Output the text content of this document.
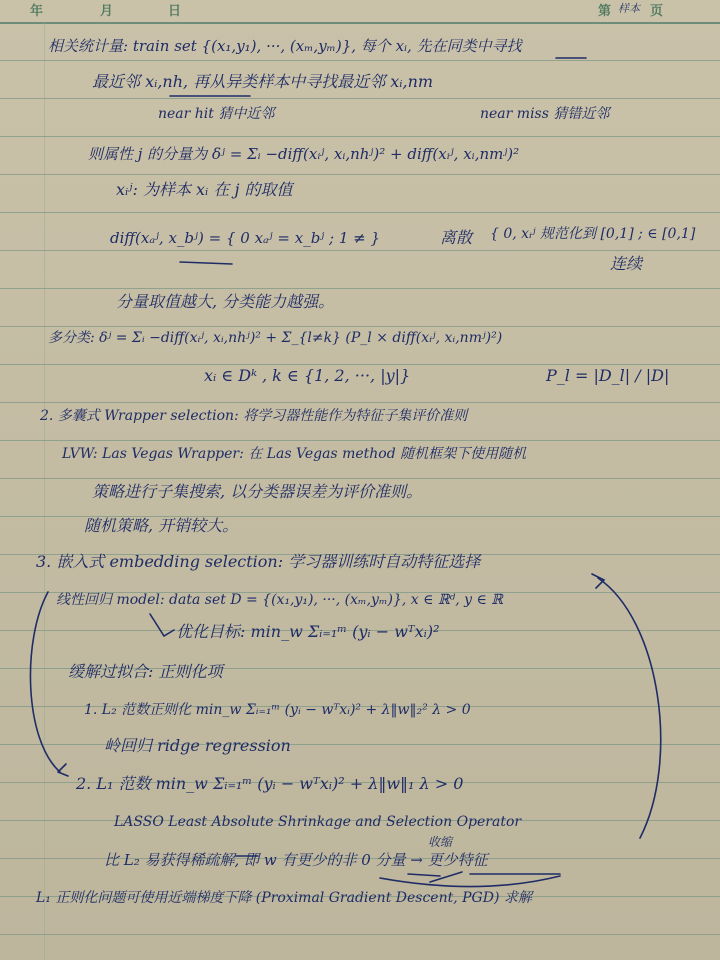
年	月	日	第	页
样本
相关统计量: train set {(x₁,y₁), ···, (xₘ,yₘ)}, 每个 xᵢ, 先在同类中寻找
最近邻 xᵢ,nh, 再从异类样本中寻找最近邻 xᵢ,nm
near hit 猜中近邻	near miss 猜错近邻
则属性 j 的分量为 δʲ = Σᵢ −diff(xᵢʲ, xᵢ,nhʲ)² + diff(xᵢʲ, xᵢ,nmʲ)²
xᵢʲ: 为样本 xᵢ 在 j 的取值
diff(xₐʲ, x_bʲ) = { 0 xₐʲ = x_bʲ ; 1 ≠ }	离散 { 0, xᵢʲ 规范化到 [0,1] ; ∈ [0,1]
连续
分量取值越大, 分类能力越强。
多分类: δʲ = Σᵢ −diff(xᵢʲ, xᵢ,nhʲ)² + Σ_{l≠k} (P_l × diff(xᵢʲ, xᵢ,nmʲ)²)
xᵢ ∈ Dᵏ , k ∈ {1, 2, ···, |y|}	P_l = |D_l| / |D|
2. 多囊式 Wrapper selection: 将学习器性能作为特征子集评价准则
LVW: Las Vegas Wrapper: 在 Las Vegas method 随机框架下使用随机
策略进行子集搜索, 以分类器误差为评价准则。
随机策略, 开销较大。
3. 嵌入式 embedding selection: 学习器训练时自动特征选择
线性回归 model: data set D = {(x₁,y₁), ···, (xₘ,yₘ)}, x ∈ ℝᵈ, y ∈ ℝ
优化目标: min_w Σᵢ₌₁ᵐ (yᵢ − wᵀxᵢ)²
缓解过拟合: 正则化项
1. L₂ 范数正则化 min_w Σᵢ₌₁ᵐ (yᵢ − wᵀxᵢ)² + λ‖w‖₂² λ > 0
岭回归 ridge regression
2. L₁ 范数 min_w Σᵢ₌₁ᵐ (yᵢ − wᵀxᵢ)² + λ‖w‖₁ λ > 0
LASSO Least Absolute Shrinkage and Selection Operator
收缩
比 L₂ 易获得稀疏解, 即 w 有更少的非 0 分量 → 更少特征
L₁ 正则化问题可使用近端梯度下降 (Proximal Gradient Descent, PGD) 求解
